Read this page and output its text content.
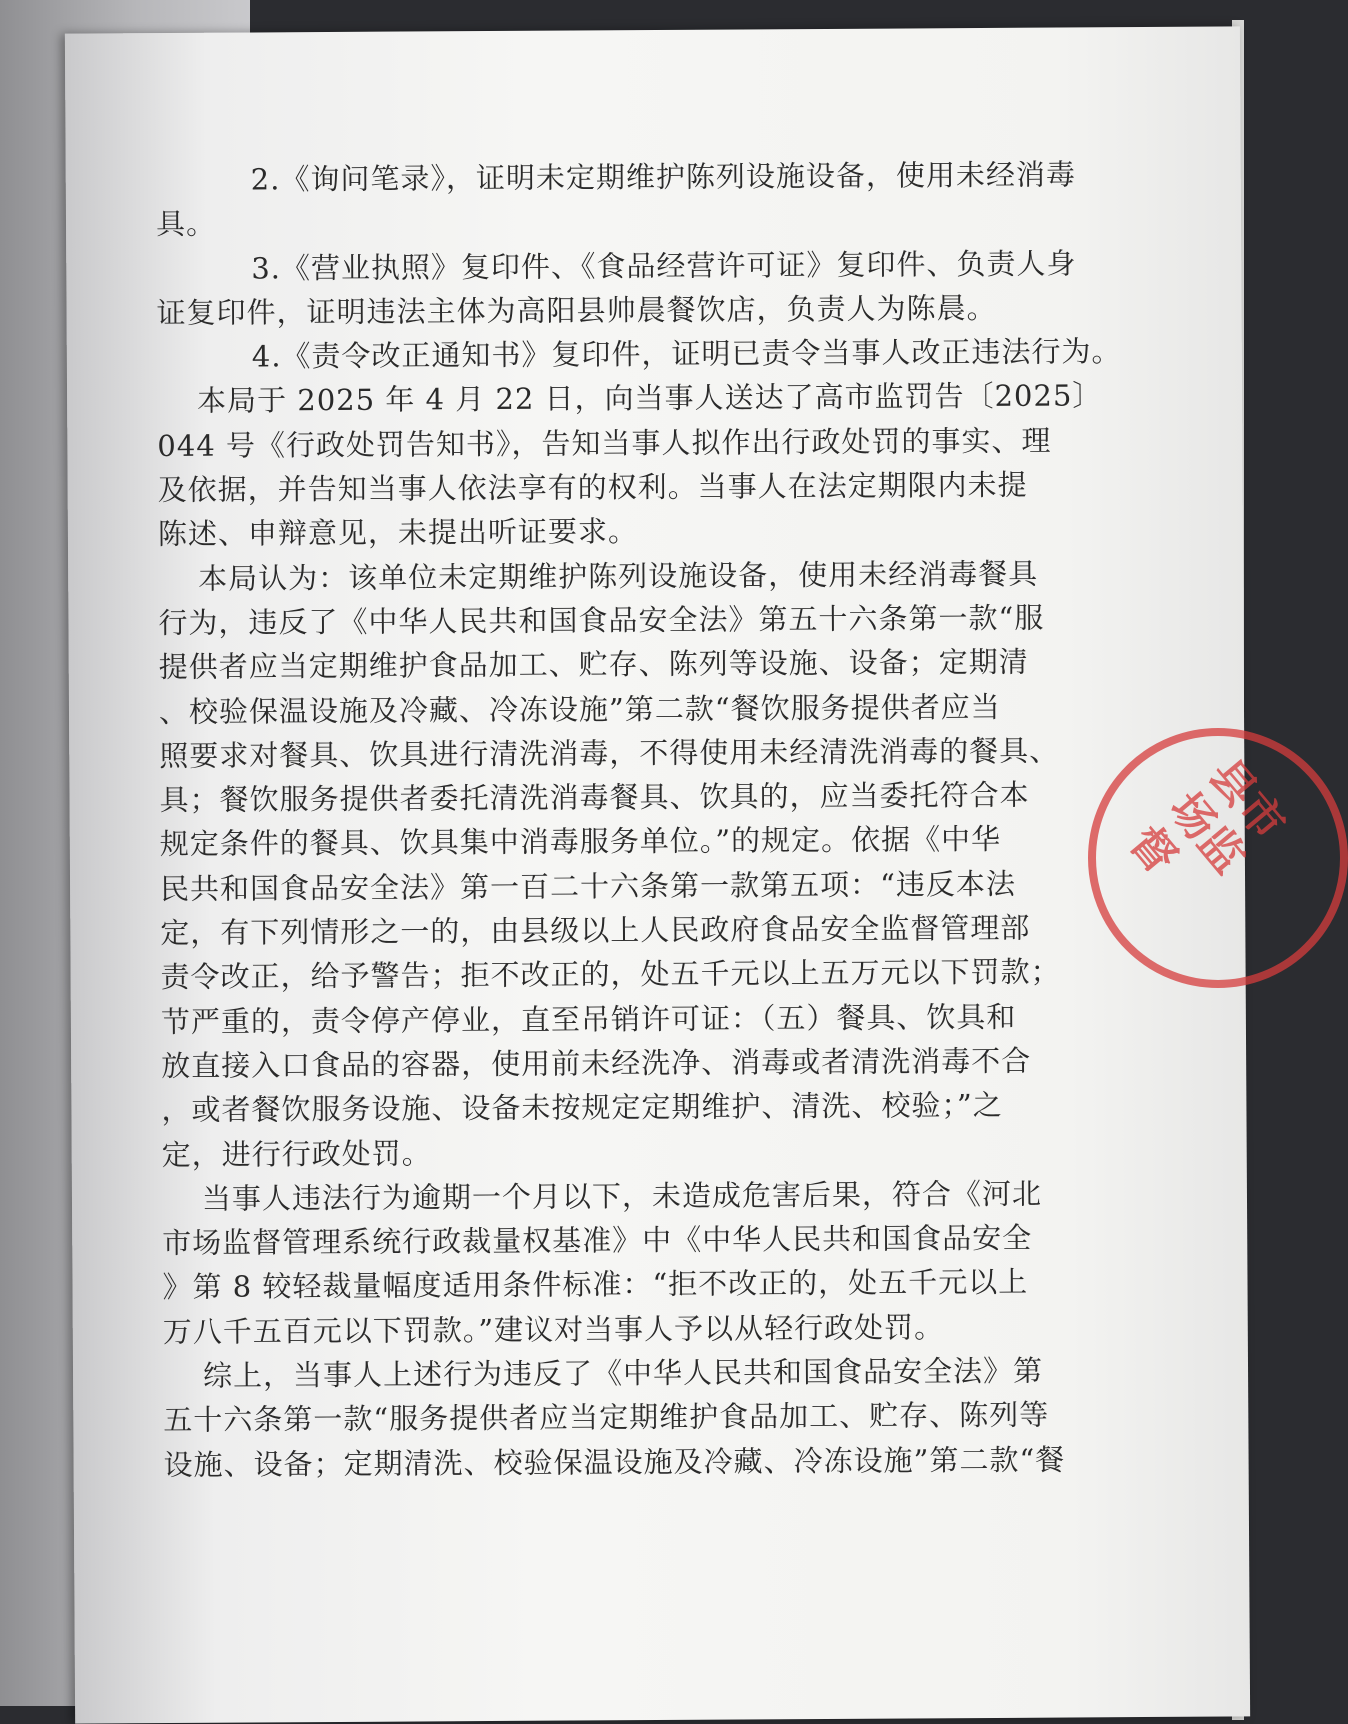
2.《询问笔录》，证明未定期维护陈列设施设备，使用未经消毒
具。
3.《营业执照》复印件、《食品经营许可证》复印件、负责人身
证复印件，证明违法主体为高阳县帅晨餐饮店，负责人为陈晨。
4.《责令改正通知书》复印件，证明已责令当事人改正违法行为。
本局于 2025 年 4 月 22 日，向当事人送达了高市监罚告〔2025〕
044 号《行政处罚告知书》，告知当事人拟作出行政处罚的事实、理
及依据，并告知当事人依法享有的权利。当事人在法定期限内未提
陈述、申辩意见，未提出听证要求。
本局认为：该单位未定期维护陈列设施设备，使用未经消毒餐具
行为，违反了《中华人民共和国食品安全法》第五十六条第一款“服
提供者应当定期维护食品加工、贮存、陈列等设施、设备；定期清
、校验保温设施及冷藏、冷冻设施”第二款“餐饮服务提供者应当
照要求对餐具、饮具进行清洗消毒，不得使用未经清洗消毒的餐具、
具；餐饮服务提供者委托清洗消毒餐具、饮具的，应当委托符合本
规定条件的餐具、饮具集中消毒服务单位。”的规定。依据《中华
民共和国食品安全法》第一百二十六条第一款第五项：“违反本法
定，有下列情形之一的，由县级以上人民政府食品安全监督管理部
责令改正，给予警告；拒不改正的，处五千元以上五万元以下罚款；
节严重的，责令停产停业，直至吊销许可证：（五）餐具、饮具和
放直接入口食品的容器，使用前未经洗净、消毒或者清洗消毒不合
，或者餐饮服务设施、设备未按规定定期维护、清洗、校验；”之
定，进行行政处罚。
当事人违法行为逾期一个月以下，未造成危害后果，符合《河北
市场监督管理系统行政裁量权基准》中《中华人民共和国食品安全
》第 8 较轻裁量幅度适用条件标准：“拒不改正的，处五千元以上
万八千五百元以下罚款。”建议对当事人予以从轻行政处罚。
综上，当事人上述行为违反了《中华人民共和国食品安全法》第
五十六条第一款“服务提供者应当定期维护食品加工、贮存、陈列等
设施、设备；定期清洗、校验保温设施及冷藏、冷冻设施”第二款“餐
县市场监督
